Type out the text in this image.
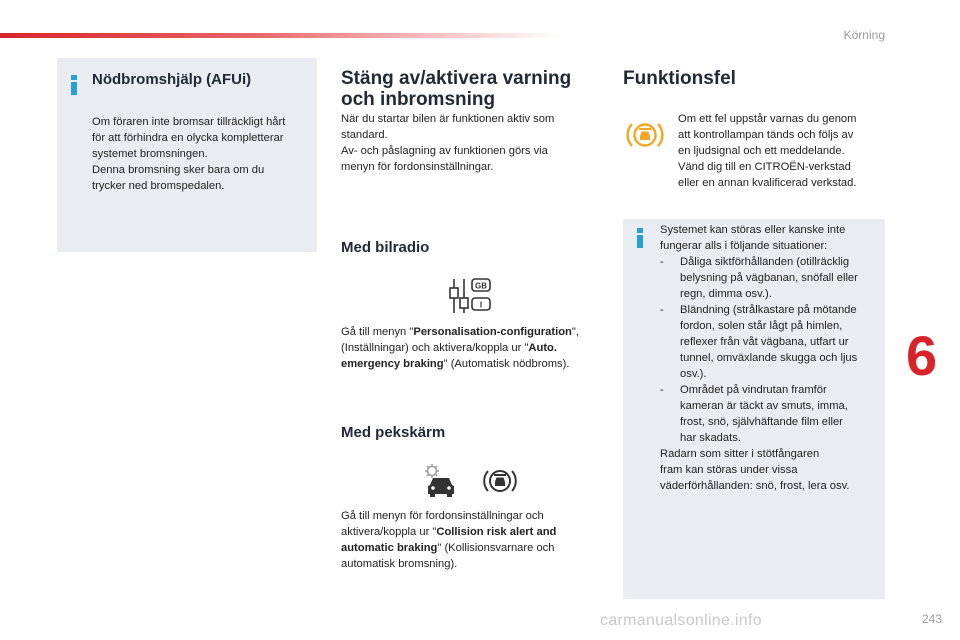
Körning
Nödbromshjälp (AFUi)
Om föraren inte bromsar tillräckligt hårt
för att förhindra en olycka kompletterar
systemet bromsningen.
Denna bromsning sker bara om du
trycker ned bromspedalen.
Stäng av/aktivera varning
och inbromsning
När du startar bilen är funktionen aktiv som
standard.
Av- och påslagning av funktionen görs via
menyn för fordonsinställningar.
Med bilradio
GB
I
Gå till menyn "Personalisation-configuration",
(Inställningar) och aktivera/koppla ur "Auto.
emergency braking" (Automatisk nödbroms).
Med pekskärm
Gå till menyn för fordonsinställningar och
aktivera/koppla ur "Collision risk alert and
automatic braking" (Kollisionsvarnare och
automatisk bromsning).
Funktionsfel
Om ett fel uppstår varnas du genom
att kontrollampan tänds och följs av
en ljudsignal och ett meddelande.
Vänd dig till en CITROËN-verkstad
eller en annan kvalificerad verkstad.
Systemet kan störas eller kanske inte
fungerar alls i följande situationer:
-	Dåliga siktförhållanden (otillräcklig
belysning på vägbanan, snöfall eller
regn, dimma osv.).
-	Bländning (strålkastare på mötande
fordon, solen står lågt på himlen,
reflexer från våt vägbana, utfart ur
tunnel, omväxlande skugga och ljus
osv.).
-	Området på vindrutan framför
kameran är täckt av smuts, imma,
frost, snö, självhäftande film eller
har skadats.
Radarn som sitter i stötfångaren
fram kan störas under vissa
väderförhållanden: snö, frost, lera osv.
6
carmanualsonline.info	243
